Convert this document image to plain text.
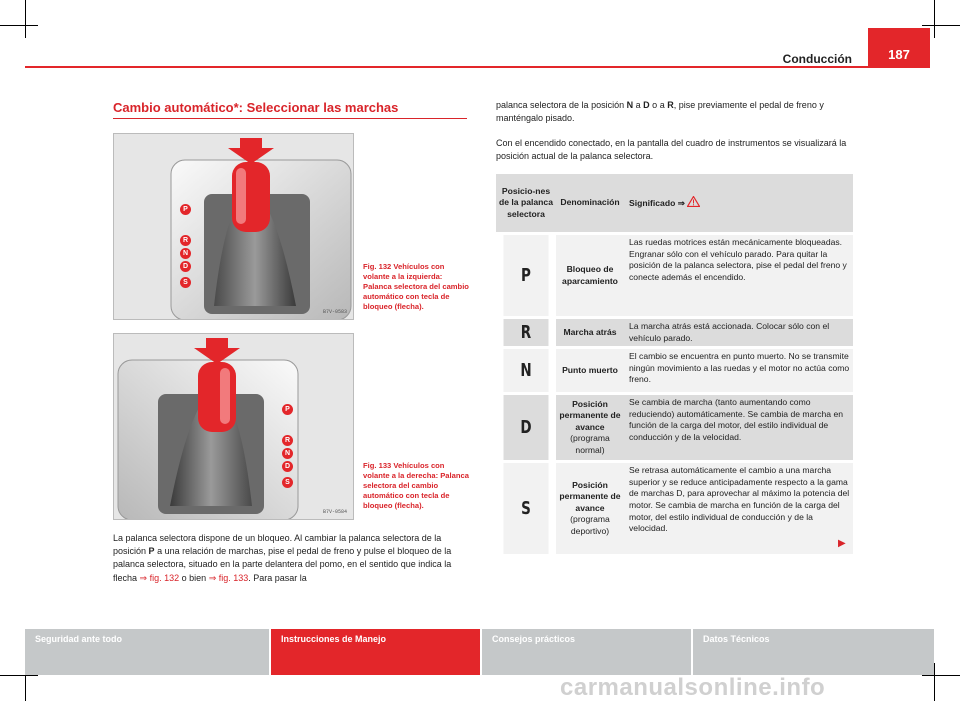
Conducción	187
Cambio automático*: Seleccionar las marchas
P
R
N
D
S
B7V-0583
Fig. 132 Vehículos con volante a la izquierda: Palanca selectora del cambio automático con tecla de bloqueo (flecha).
P
R
N
D
S
B7V-0584
Fig. 133 Vehículos con volante a la derecha: Palanca selectora del cambio automático con tecla de bloqueo (flecha).
La palanca selectora dispone de un bloqueo. Al cambiar la palanca selectora de la posición P a una relación de marchas, pise el pedal de freno y pulse el bloqueo de la palanca selectora, situado en la parte delantera del pomo, en el sentido que indica la flecha ⇒ fig. 132 o bien ⇒ fig. 133. Para pasar la
palanca selectora de la posición N a D o a R, pise previamente el pedal de freno y manténgalo pisado.
Con el encendido conectado, en la pantalla del cuadro de instrumentos se visualizará la posición actual de la palanca selectora.
Posicio-nes de la palanca selectora	Denominación	Significado ⇒
P	Bloqueo de aparcamiento	Las ruedas motrices están mecánicamente bloqueadas. Engranar sólo con el vehículo parado. Para quitar la posición de la palanca selectora, pise el pedal del freno y conecte además el encendido.
R	Marcha atrás	La marcha atrás está accionada. Colocar sólo con el vehículo parado.
N	Punto muerto	El cambio se encuentra en punto muerto. No se transmite ningún movimiento a las ruedas y el motor no actúa como freno.
D	Posición permanente de avance (programa normal)	Se cambia de marcha (tanto aumentando como reduciendo) automáticamente. Se cambia de marcha en función de la carga del motor, del estilo individual de conducción y de la velocidad.
S	Posición permanente de avance (programa deportivo)	Se retrasa automáticamente el cambio a una marcha superior y se reduce anticipadamente respecto a la gama de marchas D, para aprovechar al máximo la potencia del motor. Se cambia de marcha en función de la carga del motor, del estilo individual de conducción y de la velocidad.
▶
Seguridad ante todo	Instrucciones de Manejo	Consejos prácticos	Datos Técnicos
carmanualsonline.info
